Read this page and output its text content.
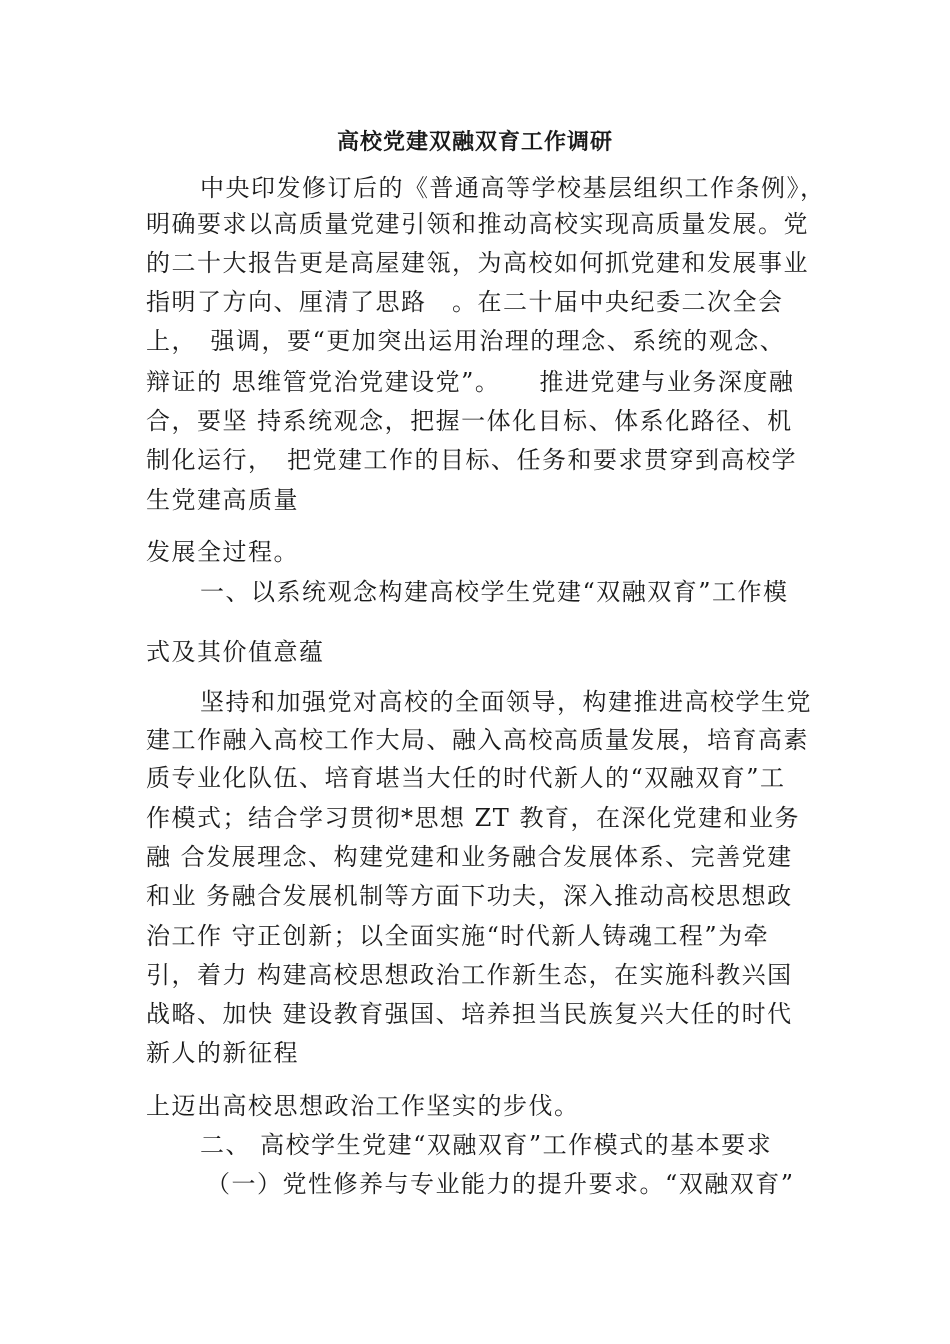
高校党建双融双育工作调研
中央印发修订后的《普通高等学校基层组织工作条例》，
明确要求以高质量党建引领和推动高校实现高质量发展。党
的二十大报告更是高屋建瓴，为高校如何抓党建和发展事业
指明了方向、厘清了思路　。在二十届中央纪委二次全会
上，　强调，要“更加突出运用治理的理念、系统的观念、
辩证的 思维管党治党建设党”。　　推进党建与业务深度融
合，要坚 持系统观念，把握一体化目标、体系化路径、机
制化运行，　把党建工作的目标、任务和要求贯穿到高校学
生党建高质量
发展全过程。
一、以系统观念构建高校学生党建“双融双育”工作模
式及其价值意蕴
坚持和加强党对高校的全面领导，构建推进高校学生党
建工作融入高校工作大局、融入高校高质量发展，培育高素
质专业化队伍、培育堪当大任的时代新人的“双融双育”工
作模式；结合学习贯彻*思想 ZT 教育，在深化党建和业务
融 合发展理念、构建党建和业务融合发展体系、完善党建
和业 务融合发展机制等方面下功夫，深入推动高校思想政
治工作 守正创新；以全面实施“时代新人铸魂工程”为牵
引，着力 构建高校思想政治工作新生态，在实施科教兴国
战略、加快 建设教育强国、培养担当民族复兴大任的时代
新人的新征程
上迈出高校思想政治工作坚实的步伐。
二、 高校学生党建“双融双育”工作模式的基本要求
（一）党性修养与专业能力的提升要求。“双融双育”
